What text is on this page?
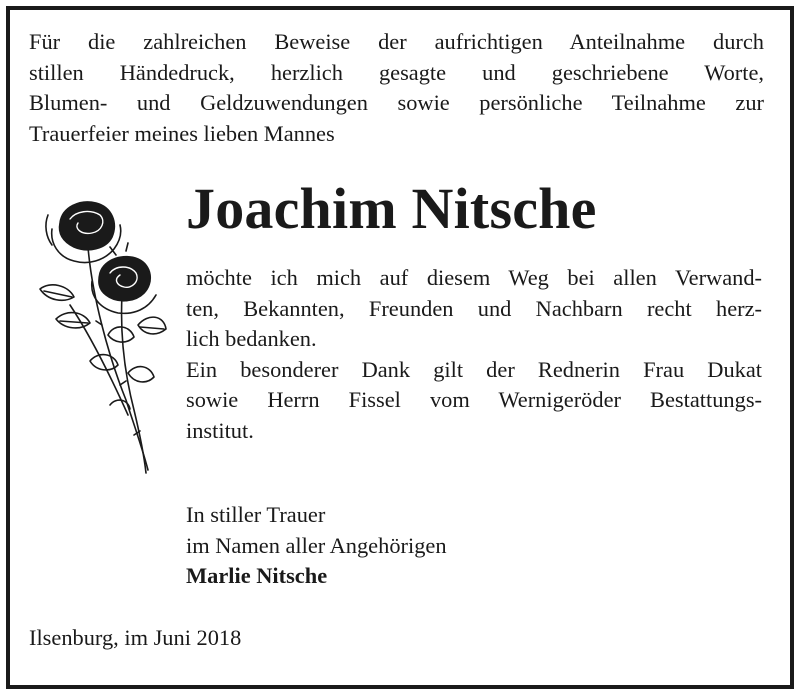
Für die zahlreichen Beweise der aufrichtigen Anteilnahme durch
stillen Händedruck, herzlich gesagte und geschriebene Worte,
Blumen- und Geldzuwendungen sowie persönliche Teilnahme zur
Trauerfeier meines lieben Mannes
Joachim Nitsche
möchte ich mich auf diesem Weg bei allen Verwand-
ten, Bekannten, Freunden und Nachbarn recht herz-
lich bedanken.
Ein besonderer Dank gilt der Rednerin Frau Dukat
sowie Herrn Fissel vom Wernigeröder Bestattungs-
institut.
In stiller Trauer
im Namen aller Angehörigen
Marlie Nitsche
Ilsenburg, im Juni 2018
